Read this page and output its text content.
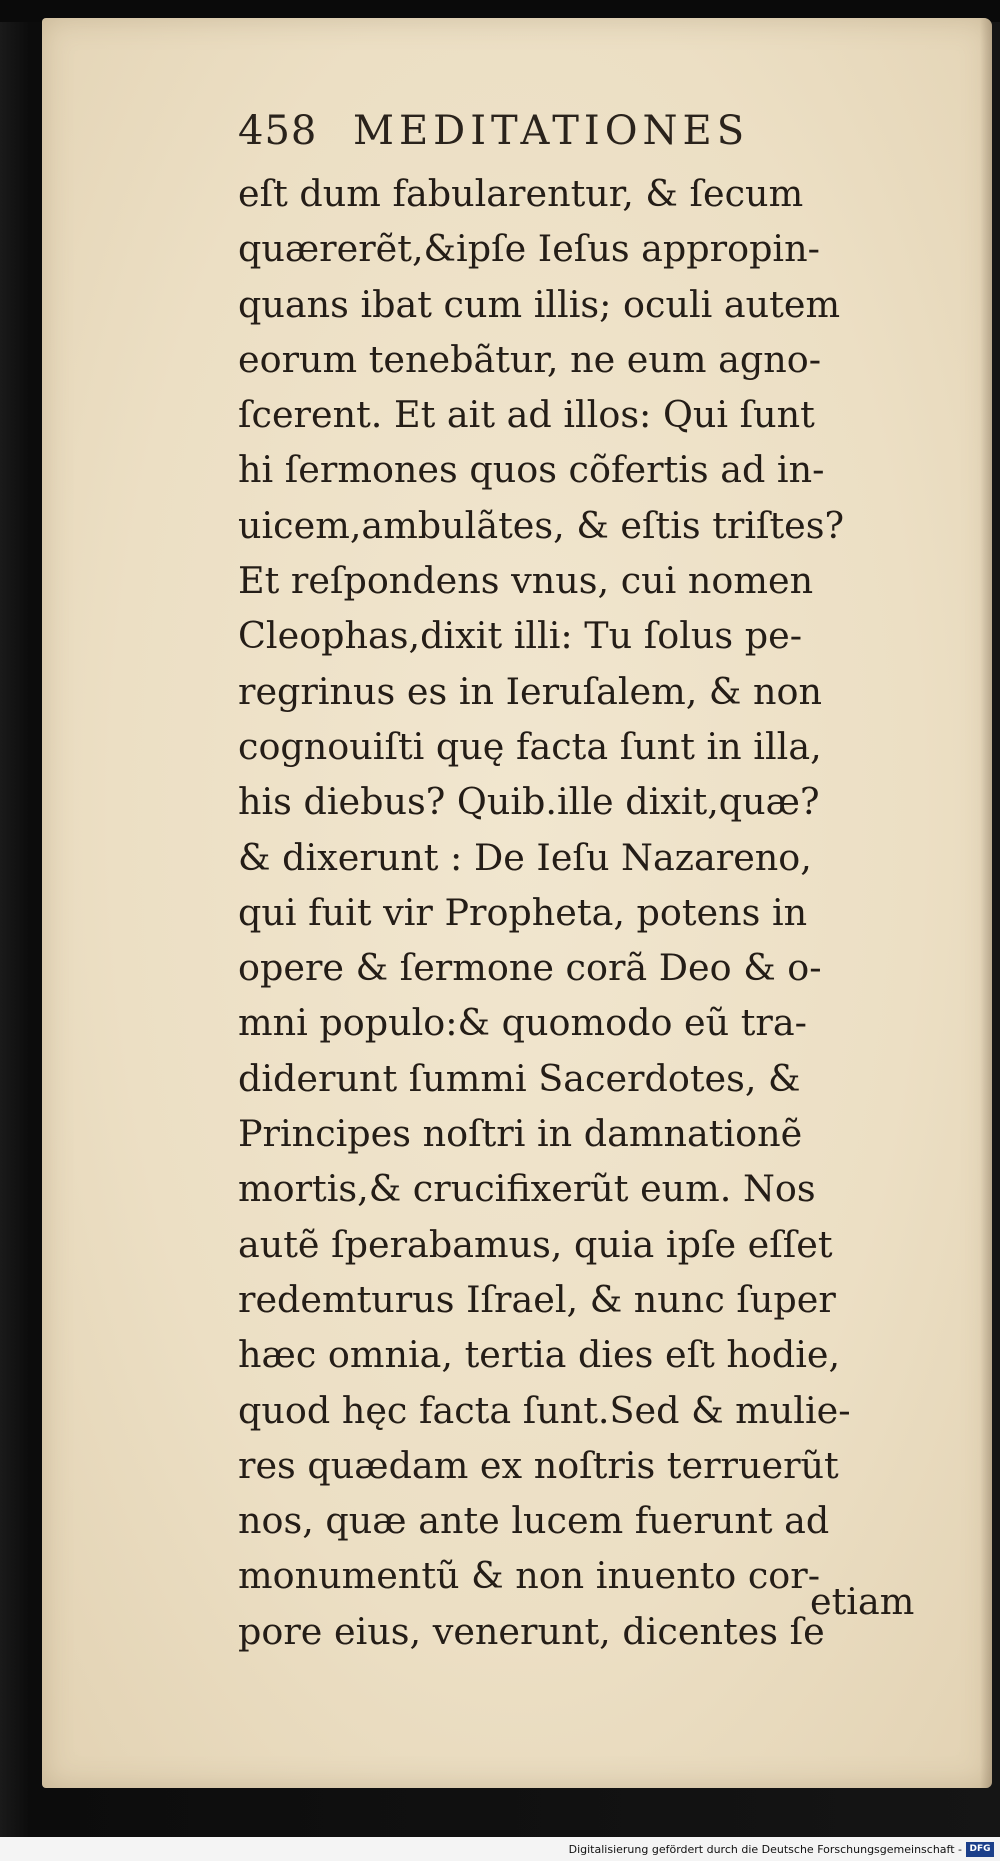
458 MEDITATIONES
eſt dum fabularentur, & ſecum
quærerẽt,&ipſe Ieſus appropin-
quans ibat cum illis; oculi autem
eorum tenebãtur, ne eum agno-
ſcerent. Et ait ad illos: Qui ſunt
hi ſermones quos cõfertis ad in-
uicem,ambulãtes, & eſtis triſtes?
Et reſpondens vnus, cui nomen
Cleophas,dixit illi: Tu ſolus pe-
regrinus es in Ieruſalem, & non
cognouiſti quę facta ſunt in illa,
his diebus? Quib.ille dixit,quæ?
& dixerunt : De Ieſu Nazareno,
qui fuit vir Propheta, potens in
opere & ſermone corã Deo & o-
mni populo:& quomodo eũ tra-
diderunt ſummi Sacerdotes, &
Principes noſtri in damnationẽ
mortis,& crucifixerũt eum. Nos
autẽ ſperabamus, quia ipſe eſſet
redemturus Iſrael, & nunc ſuper
hæc omnia, tertia dies eſt hodie,
quod hęc facta ſunt.Sed & mulie-
res quædam ex noſtris terruerũt
nos, quæ ante lucem fuerunt ad
monumentũ & non inuento cor-
pore eius, venerunt, dicentes ſe
etiam
Digitalisierung gefördert durch die Deutsche Forschungsgemeinschaft - DFG
